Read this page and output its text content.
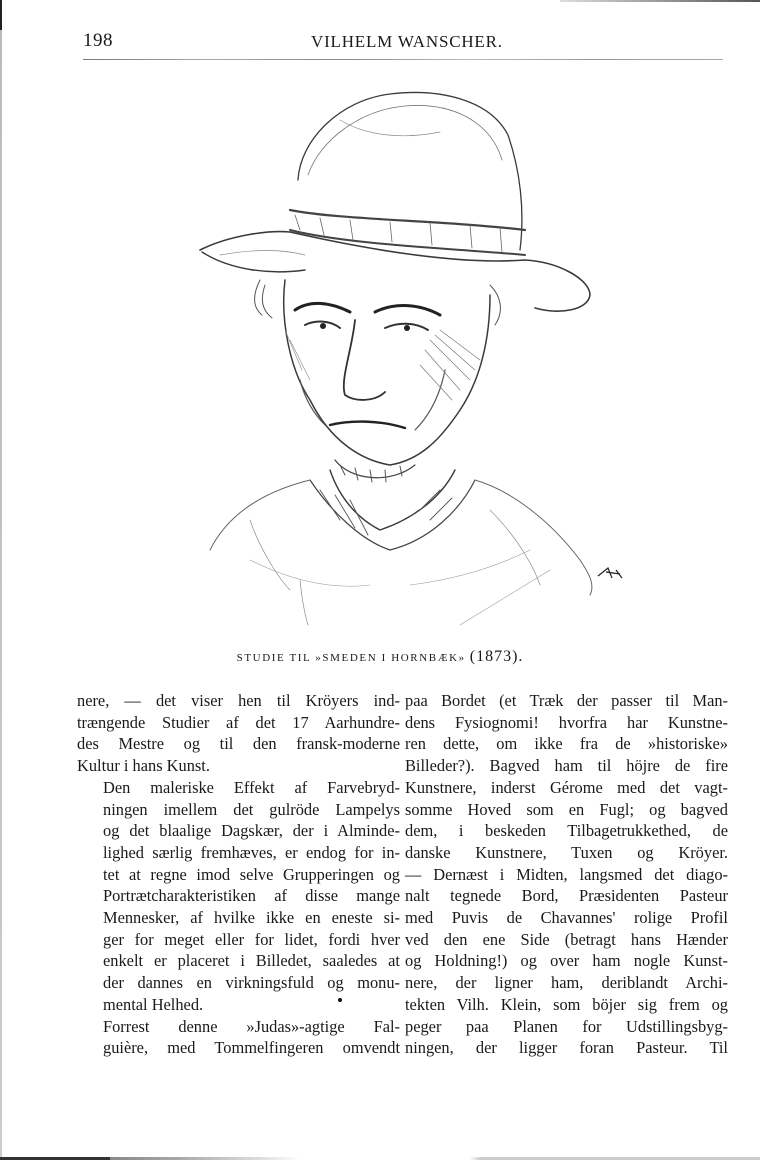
198	VILHELM WANSCHER.
STUDIE TIL »SMEDEN I HORNBÆK» (1873).

nere, — det viser hen til Kröyers ind-
trængende Studier af det 17 Aarhundre-
des Mestre og til den fransk-moderne
Kultur i hans Kunst.

Den maleriske Effekt af Farvebryd-
ningen imellem det gulröde Lampelys
og det blaalige Dagskær, der i Alminde-
lighed særlig fremhæves, er endog for in-
tet at regne imod selve Grupperingen og
Portrætcharakteristiken af disse mange
Mennesker, af hvilke ikke en eneste si-
ger for meget eller for lidet, fordi hver
enkelt er placeret i Billedet, saaledes at
der dannes en virkningsfuld og monu-
mental Helhed.

Forrest denne »Judas»-agtige Fal-
guière, med Tommelfingeren omvendt

paa Bordet (et Træk der passer til Man-
dens Fysiognomi! hvorfra har Kunstne-
ren dette, om ikke fra de »historiske»
Billeder?). Bagved ham til höjre de fire
Kunstnere, inderst Gérome med det vagt-
somme Hoved som en Fugl; og bagved
dem, i beskeden Tilbagetrukkethed, de
danske Kunstnere, Tuxen og Kröyer.
— Dernæst i Midten, langsmed det diago-
nalt tegnede Bord, Præsidenten Pasteur
med Puvis de Chavannes' rolige Profil
ved den ene Side (betragt hans Hænder
og Holdning!) og over ham nogle Kunst-
nere, der ligner ham, deriblandt Archi-
tekten Vilh. Klein, som böjer sig frem og
peger paa Planen for Udstillingsbyg-
ningen, der ligger foran Pasteur. Til
